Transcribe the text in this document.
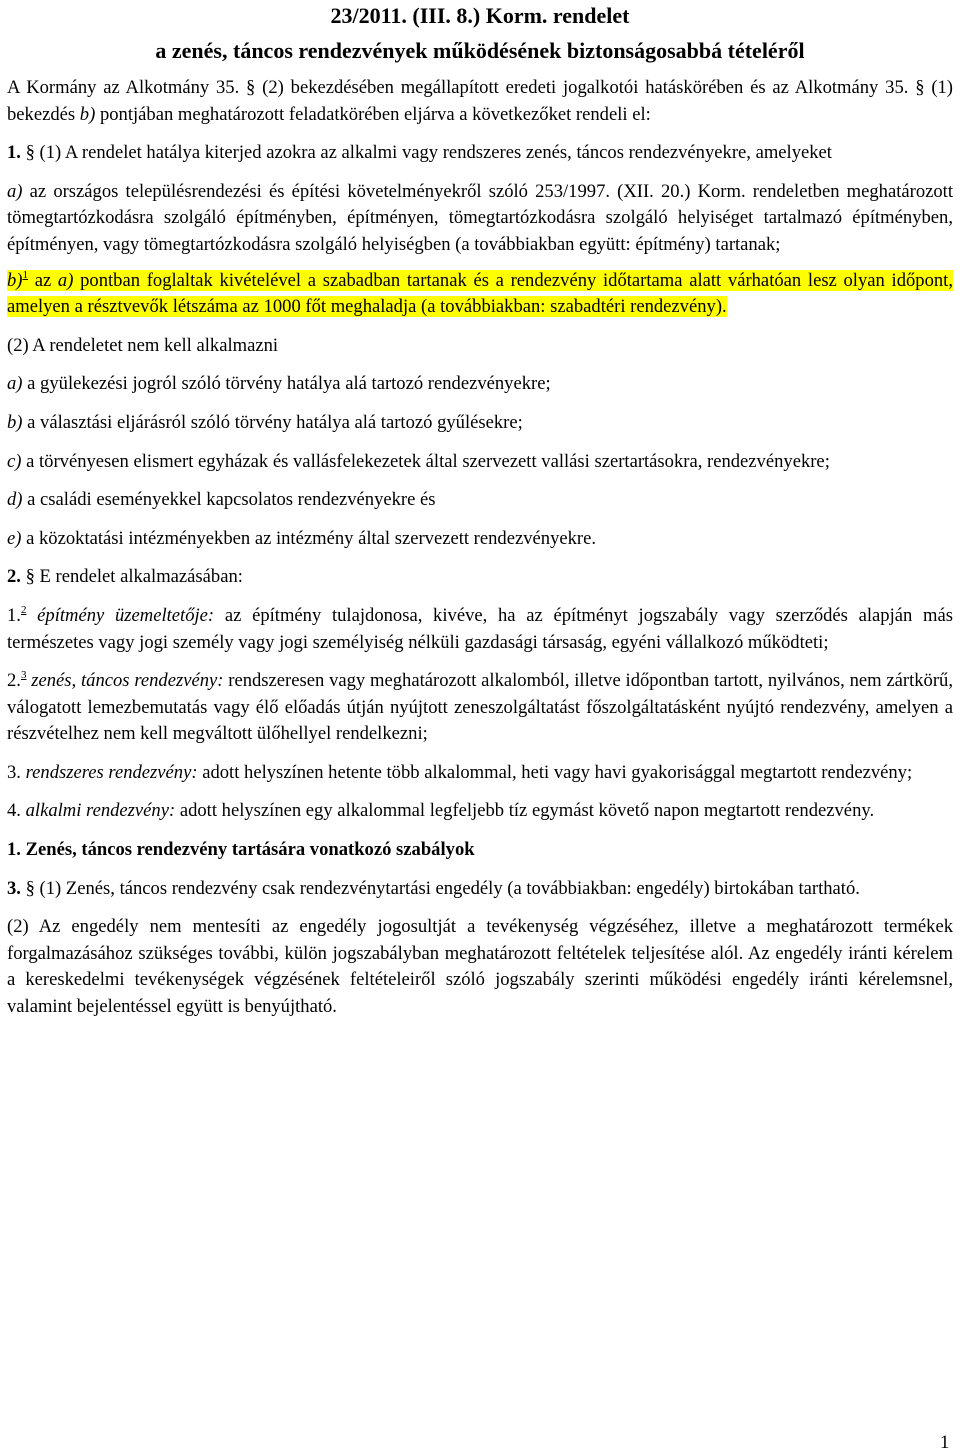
23/2011. (III. 8.) Korm. rendelet
a zenés, táncos rendezvények működésének biztonságosabbá tételéről
A Kormány az Alkotmány 35. § (2) bekezdésében megállapított eredeti jogalkotói hatáskörében és az Alkotmány 35. § (1) bekezdés b) pontjában meghatározott feladatkörében eljárva a következőket rendeli el:
1. § (1) A rendelet hatálya kiterjed azokra az alkalmi vagy rendszeres zenés, táncos rendezvényekre, amelyeket
a) az országos településrendezési és építési követelményekről szóló 253/1997. (XII. 20.) Korm. rendeletben meghatározott tömegtartózkodásra szolgáló építményben, építményen, tömegtartózkodásra szolgáló helyiséget tartalmazó építményben, építményen, vagy tömegtartózkodásra szolgáló helyiségben (a továbbiakban együtt: építmény) tartanak;
b)$^1$ az a) pontban foglaltak kivételével a szabadban tartanak és a rendezvény időtartama alatt várhatóan lesz olyan időpont, amelyen a résztvevők létszáma az 1000 főt meghaladja (a továbbiakban: szabadtéri rendezvény).
(2) A rendeletet nem kell alkalmazni
a) a gyülekezési jogról szóló törvény hatálya alá tartozó rendezvényekre;
b) a választási eljárásról szóló törvény hatálya alá tartozó gyűlésekre;
c) a törvényesen elismert egyházak és vallásfelekezetek által szervezett vallási szertartásokra, rendezvényekre;
d) a családi eseményekkel kapcsolatos rendezvényekre és
e) a közoktatási intézményekben az intézmény által szervezett rendezvényekre.
2. § E rendelet alkalmazásában:
1.$^2$ építmény üzemeltetője: az építmény tulajdonosa, kivéve, ha az építményt jogszabály vagy szerződés alapján más természetes vagy jogi személy vagy jogi személyiség nélküli gazdasági társaság, egyéni vállalkozó működteti;
2.$^3$ zenés, táncos rendezvény: rendszeresen vagy meghatározott alkalomból, illetve időpontban tartott, nyilvános, nem zártkörű, válogatott lemezbemutatás vagy élő előadás útján nyújtott zeneszolgáltatást főszolgáltatásként nyújtó rendezvény, amelyen a részvételhez nem kell megváltott ülőhellyel rendelkezni;
3. rendszeres rendezvény: adott helyszínen hetente több alkalommal, heti vagy havi gyakorisággal megtartott rendezvény;
4. alkalmi rendezvény: adott helyszínen egy alkalommal legfeljebb tíz egymást követő napon megtartott rendezvény.
1. Zenés, táncos rendezvény tartására vonatkozó szabályok
3. § (1) Zenés, táncos rendezvény csak rendezvénytartási engedély (a továbbiakban: engedély) birtokában tartható.
(2) Az engedély nem mentesíti az engedély jogosultját a tevékenység végzéséhez, illetve a meghatározott termékek forgalmazásához szükséges további, külön jogszabályban meghatározott feltételek teljesítése alól. Az engedély iránti kérelem a kereskedelmi tevékenységek végzésének feltételeiről szóló jogszabály szerinti működési engedély iránti kérelemsnel, valamint bejelentéssel együtt is benyújtható.
1
